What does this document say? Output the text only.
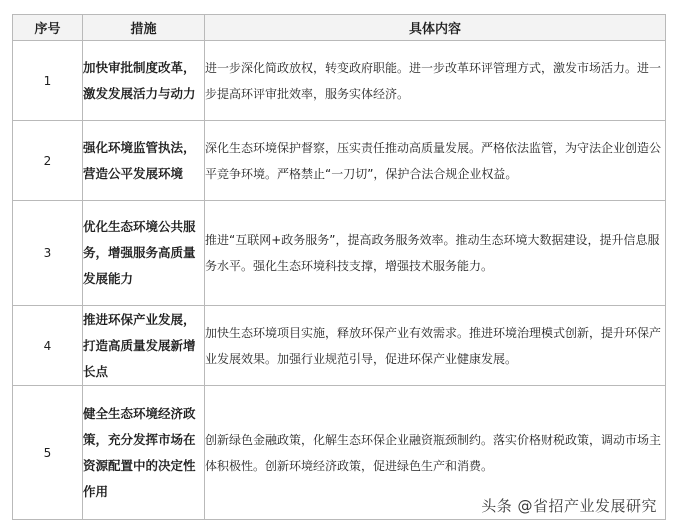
序号	措施	具体内容
1	加快审批制度改革，激发发展活力与动力	进一步深化简政放权，转变政府职能。进一步改革环评管理方式，激发市场活力。进一步提高环评审批效率，服务实体经济。
2	强化环境监管执法，营造公平发展环境	深化生态环境保护督察，压实责任推动高质量发展。严格依法监管，为守法企业创造公平竞争环境。严格禁止“一刀切”，保护合法合规企业权益。
3	优化生态环境公共服务，增强服务高质量发展能力	推进“互联网+政务服务”，提高政务服务效率。推动生态环境大数据建设，提升信息服务水平。强化生态环境科技支撑，增强技术服务能力。
4	推进环保产业发展，打造高质量发展新增长点	加快生态环境项目实施，释放环保产业有效需求。推进环境治理模式创新，提升环保产业发展效果。加强行业规范引导，促进环保产业健康发展。
5	健全生态环境经济政策，充分发挥市场在资源配置中的决定性作用	创新绿色金融政策，化解生态环保企业融资瓶颈制约。落实价格财税政策，调动市场主体积极性。创新环境经济政策，促进绿色生产和消费。
头条 @省招产业发展研究
